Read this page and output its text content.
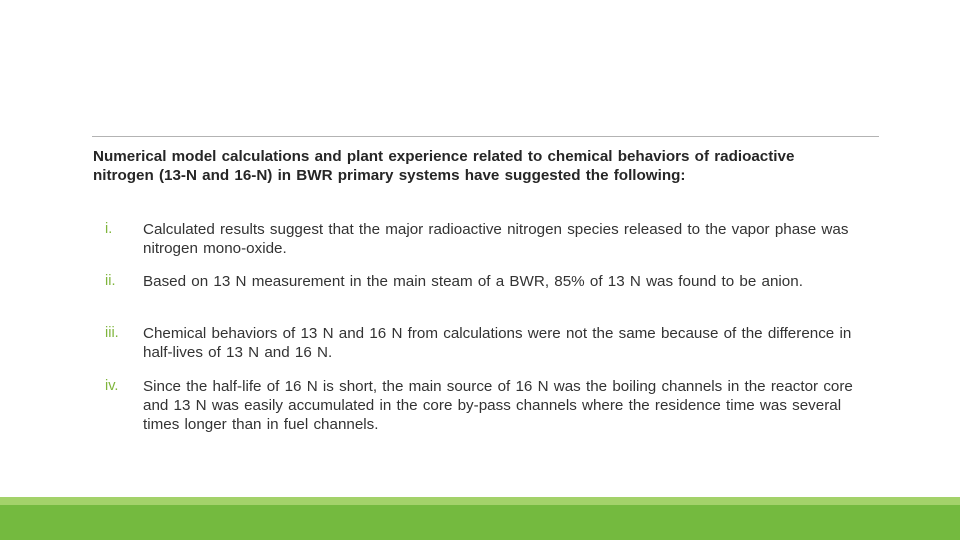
Numerical model calculations and plant experience related to chemical behaviors of radioactive nitrogen (13-N and 16-N) in BWR primary systems have suggested the following:

i.	Calculated results suggest that the major radioactive nitrogen species released to the vapor phase was nitrogen mono-oxide.
ii.	Based on 13 N measurement in the main steam of a BWR, 85% of 13 N was found to be anion.
iii.	Chemical behaviors of 13 N and 16 N from calculations were not the same because of the difference in half-lives of 13 N and 16 N.
iv.	Since the half-life of 16 N is short, the main source of 16 N was the boiling channels in the reactor core and 13 N was easily accumulated in the core by-pass channels where the residence time was several times longer than in fuel channels.
